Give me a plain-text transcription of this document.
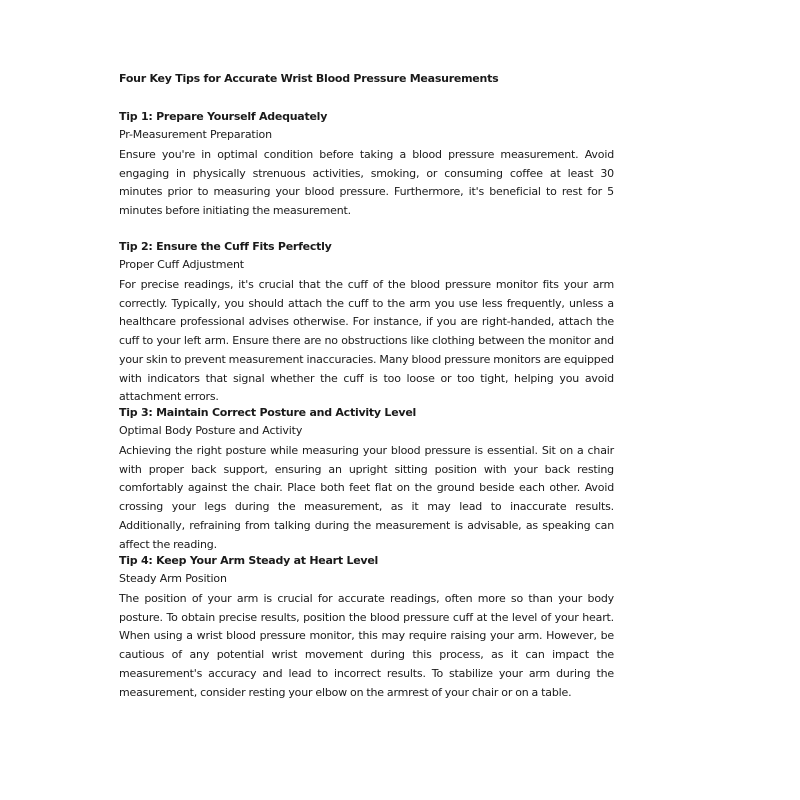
Four Key Tips for Accurate Wrist Blood Pressure Measurements
Tip 1: Prepare Yourself Adequately
Pr-Measurement Preparation

Ensure you're in optimal condition before taking a blood pressure measurement. Avoid engaging in physically strenuous activities, smoking, or consuming coffee at least 30 minutes prior to measuring your blood pressure. Furthermore, it's beneficial to rest for 5 minutes before initiating the measurement.

Tip 2: Ensure the Cuff Fits Perfectly
Proper Cuff Adjustment

For precise readings, it's crucial that the cuff of the blood pressure monitor fits your arm correctly. Typically, you should attach the cuff to the arm you use less frequently, unless a healthcare professional advises otherwise. For instance, if you are right-handed, attach the cuff to your left arm. Ensure there are no obstructions like clothing between the monitor and your skin to prevent measurement inaccuracies. Many blood pressure monitors are equipped with indicators that signal whether the cuff is too loose or too tight, helping you avoid attachment errors.

Tip 3: Maintain Correct Posture and Activity Level
Optimal Body Posture and Activity

Achieving the right posture while measuring your blood pressure is essential. Sit on a chair with proper back support, ensuring an upright sitting position with your back resting comfortably against the chair. Place both feet flat on the ground beside each other. Avoid crossing your legs during the measurement, as it may lead to inaccurate results. Additionally, refraining from talking during the measurement is advisable, as speaking can affect the reading.

Tip 4: Keep Your Arm Steady at Heart Level
Steady Arm Position

The position of your arm is crucial for accurate readings, often more so than your body posture. To obtain precise results, position the blood pressure cuff at the level of your heart. When using a wrist blood pressure monitor, this may require raising your arm. However, be cautious of any potential wrist movement during this process, as it can impact the measurement's accuracy and lead to incorrect results. To stabilize your arm during the measurement, consider resting your elbow on the armrest of your chair or on a table.
